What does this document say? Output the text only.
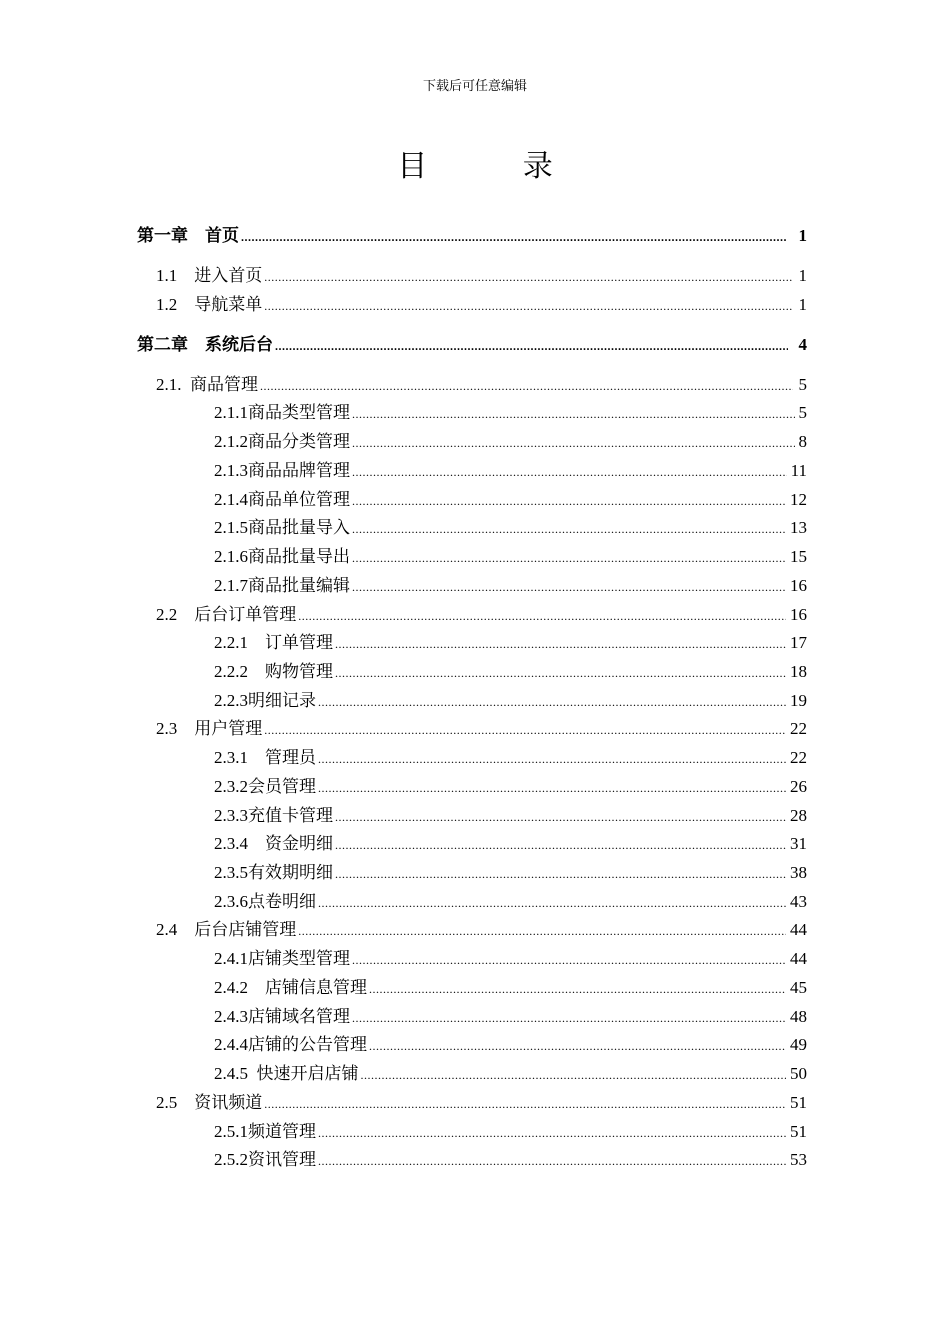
下载后可任意编辑
目 录
第一章　首页 .....	1
1.1　进入首页 .....	1
1.2　导航菜单 .....	1
第二章　系统后台 .....	4
2.1.  商品管理 .....	5
2.1.1商品类型管理 .....	5
2.1.2商品分类管理 .....	8
2.1.3商品品牌管理 .....	11
2.1.4商品单位管理 .....	12
2.1.5商品批量导入 .....	13
2.1.6商品批量导出 .....	15
2.1.7商品批量编辑 .....	16
2.2　后台订单管理 .....	16
2.2.1　订单管理 .....	17
2.2.2　购物管理 .....	18
2.2.3明细记录 .....	19
2.3　用户管理 .....	22
2.3.1　管理员 .....	22
2.3.2会员管理 .....	26
2.3.3充值卡管理 .....	28
2.3.4　资金明细 .....	31
2.3.5有效期明细 .....	38
2.3.6点卷明细 .....	43
2.4　后台店铺管理 .....	44
2.4.1店铺类型管理 .....	44
2.4.2　店铺信息管理 .....	45
2.4.3店铺域名管理 .....	48
2.4.4店铺的公告管理 .....	49
2.4.5  快速开启店铺 .....	50
2.5　资讯频道 .....	51
2.5.1频道管理 .....	51
2.5.2资讯管理 .....	53
